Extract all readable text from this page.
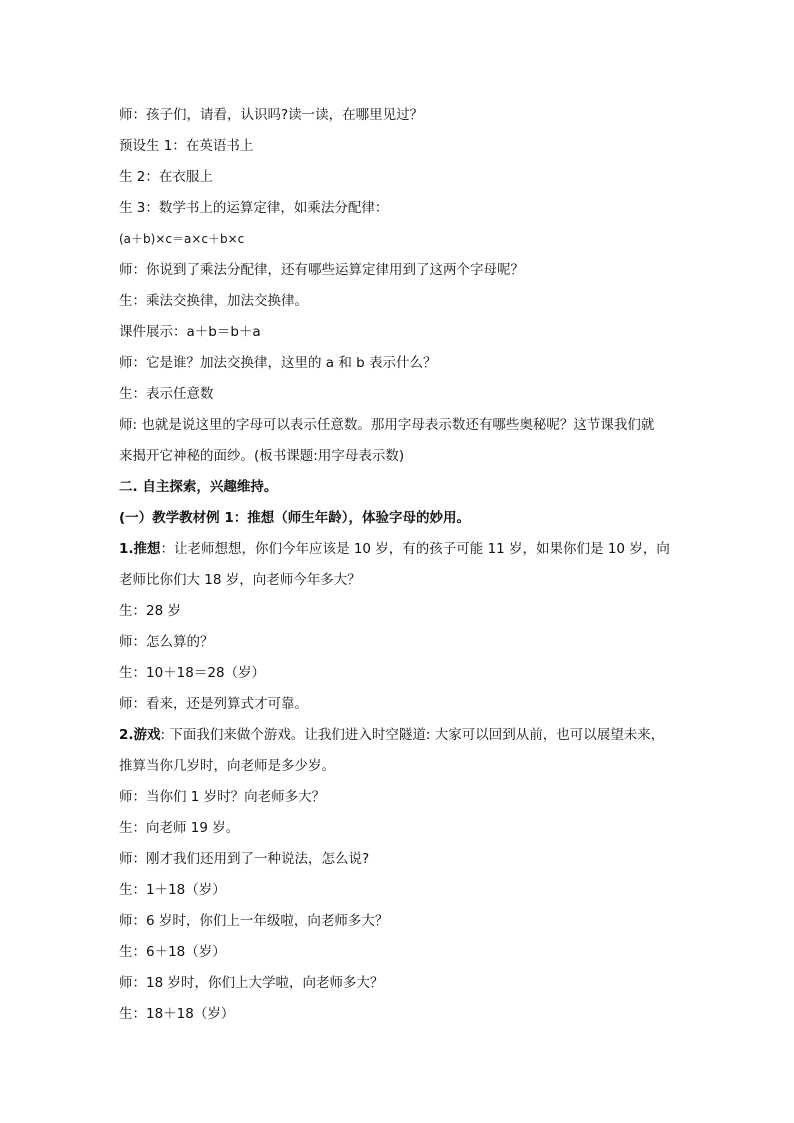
师：孩子们，请看，认识吗?读一读，在哪里见过？
预设生 1：在英语书上
生 2：在衣服上
生 3：数学书上的运算定律，如乘法分配律：
(a＋b)×c＝a×c＋b×c
师：你说到了乘法分配律，还有哪些运算定律用到了这两个字母呢？
生：乘法交换律，加法交换律。
课件展示：a＋b＝b＋a
师：它是谁？加法交换律，这里的 a 和 b 表示什么？
生：表示任意数
师: 也就是说这里的字母可以表示任意数。那用字母表示数还有哪些奥秘呢？这节课我们就
来揭开它神秘的面纱。(板书课题:用字母表示数)
二. 自主探索，兴趣维持。
(一）教学教材例 1：推想（师生年龄），体验字母的妙用。
1.推想：让老师想想，你们今年应该是 10 岁，有的孩子可能 11 岁，如果你们是 10 岁，向
老师比你们大 18 岁，向老师今年多大？
生：28 岁
师：怎么算的？
生：10＋18＝28（岁）
师：看来，还是列算式才可靠。
2.游戏: 下面我们来做个游戏。让我们进入时空隧道: 大家可以回到从前，也可以展望未来，
推算当你几岁时，向老师是多少岁。
师：当你们 1 岁时？向老师多大？
生：向老师 19 岁。
师：刚才我们还用到了一种说法，怎么说?
生：1＋18（岁）
师：6 岁时，你们上一年级啦，向老师多大？
生：6＋18（岁）
师：18 岁时，你们上大学啦，向老师多大？
生：18＋18（岁）
